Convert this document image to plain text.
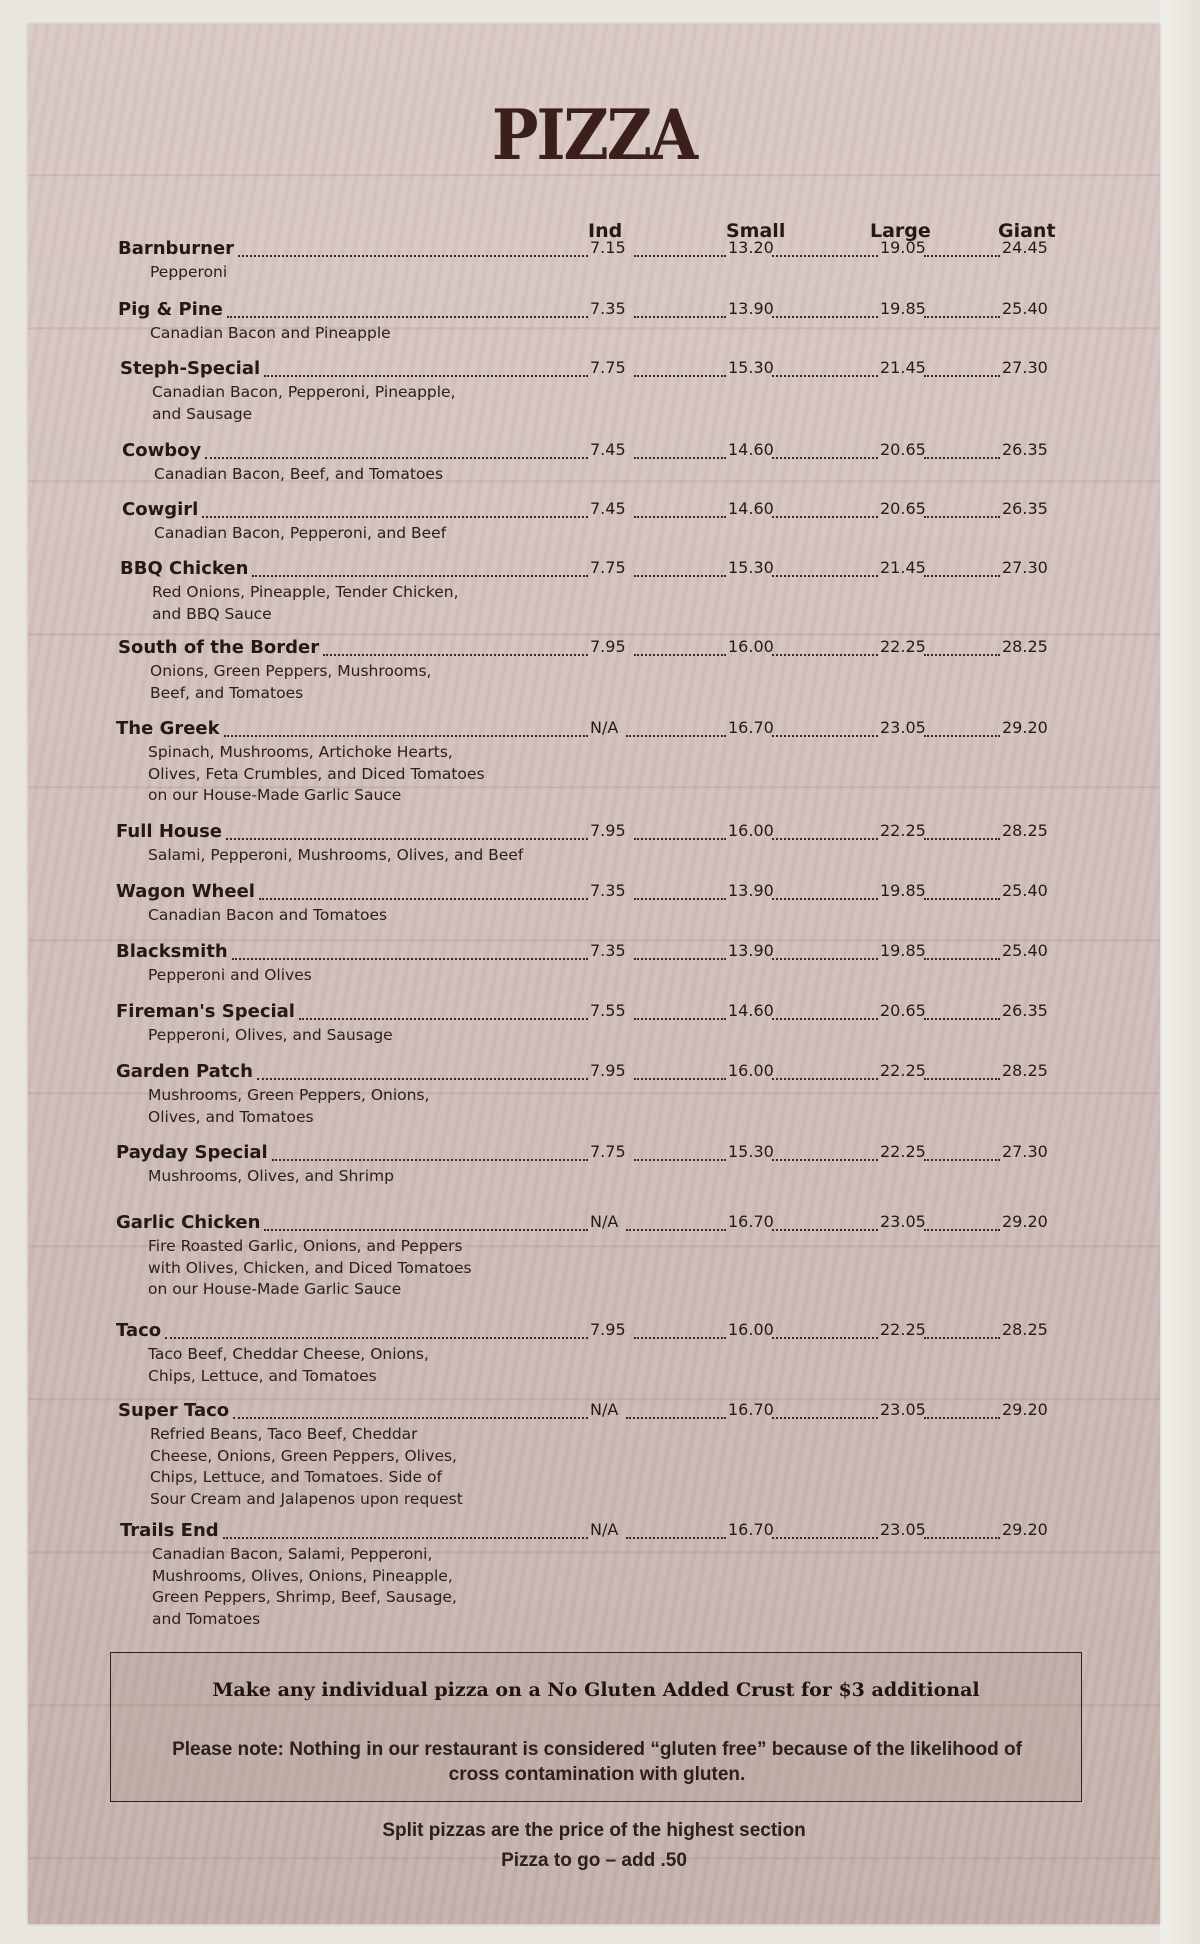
PIZZA
Ind	Small	Large	Giant
Barnburner	7.15	13.20	19.05	24.45
Pepperoni
Pig & Pine	7.35	13.90	19.85	25.40
Canadian Bacon and Pineapple
Steph-Special	7.75	15.30	21.45	27.30
Canadian Bacon, Pepperoni, Pineapple,
and Sausage
Cowboy	7.45	14.60	20.65	26.35
Canadian Bacon, Beef, and Tomatoes
Cowgirl	7.45	14.60	20.65	26.35
Canadian Bacon, Pepperoni, and Beef
BBQ Chicken	7.75	15.30	21.45	27.30
Red Onions, Pineapple, Tender Chicken,
and BBQ Sauce
South of the Border	7.95	16.00	22.25	28.25
Onions, Green Peppers, Mushrooms,
Beef, and Tomatoes
The Greek	N/A	16.70	23.05	29.20
Spinach, Mushrooms, Artichoke Hearts,
Olives, Feta Crumbles, and Diced Tomatoes
on our House-Made Garlic Sauce
Full House	7.95	16.00	22.25	28.25
Salami, Pepperoni, Mushrooms, Olives, and Beef
Wagon Wheel	7.35	13.90	19.85	25.40
Canadian Bacon and Tomatoes
Blacksmith	7.35	13.90	19.85	25.40
Pepperoni and Olives
Fireman's Special	7.55	14.60	20.65	26.35
Pepperoni, Olives, and Sausage
Garden Patch	7.95	16.00	22.25	28.25
Mushrooms, Green Peppers, Onions,
Olives, and Tomatoes
Payday Special	7.75	15.30	22.25	27.30
Mushrooms, Olives, and Shrimp
Garlic Chicken	N/A	16.70	23.05	29.20
Fire Roasted Garlic, Onions, and Peppers
with Olives, Chicken, and Diced Tomatoes
on our House-Made Garlic Sauce
Taco	7.95	16.00	22.25	28.25
Taco Beef, Cheddar Cheese, Onions,
Chips, Lettuce, and Tomatoes
Super Taco	N/A	16.70	23.05	29.20
Refried Beans, Taco Beef, Cheddar
Cheese, Onions, Green Peppers, Olives,
Chips, Lettuce, and Tomatoes. Side of
Sour Cream and Jalapenos upon request
Trails End	N/A	16.70	23.05	29.20
Canadian Bacon, Salami, Pepperoni,
Mushrooms, Olives, Onions, Pineapple,
Green Peppers, Shrimp, Beef, Sausage,
and Tomatoes
Make any individual pizza on a No Gluten Added Crust for $3 additional
Please note: Nothing in our restaurant is considered “gluten free” because of the likelihood of cross contamination with gluten.
Split pizzas are the price of the highest section
Pizza to go – add .50
